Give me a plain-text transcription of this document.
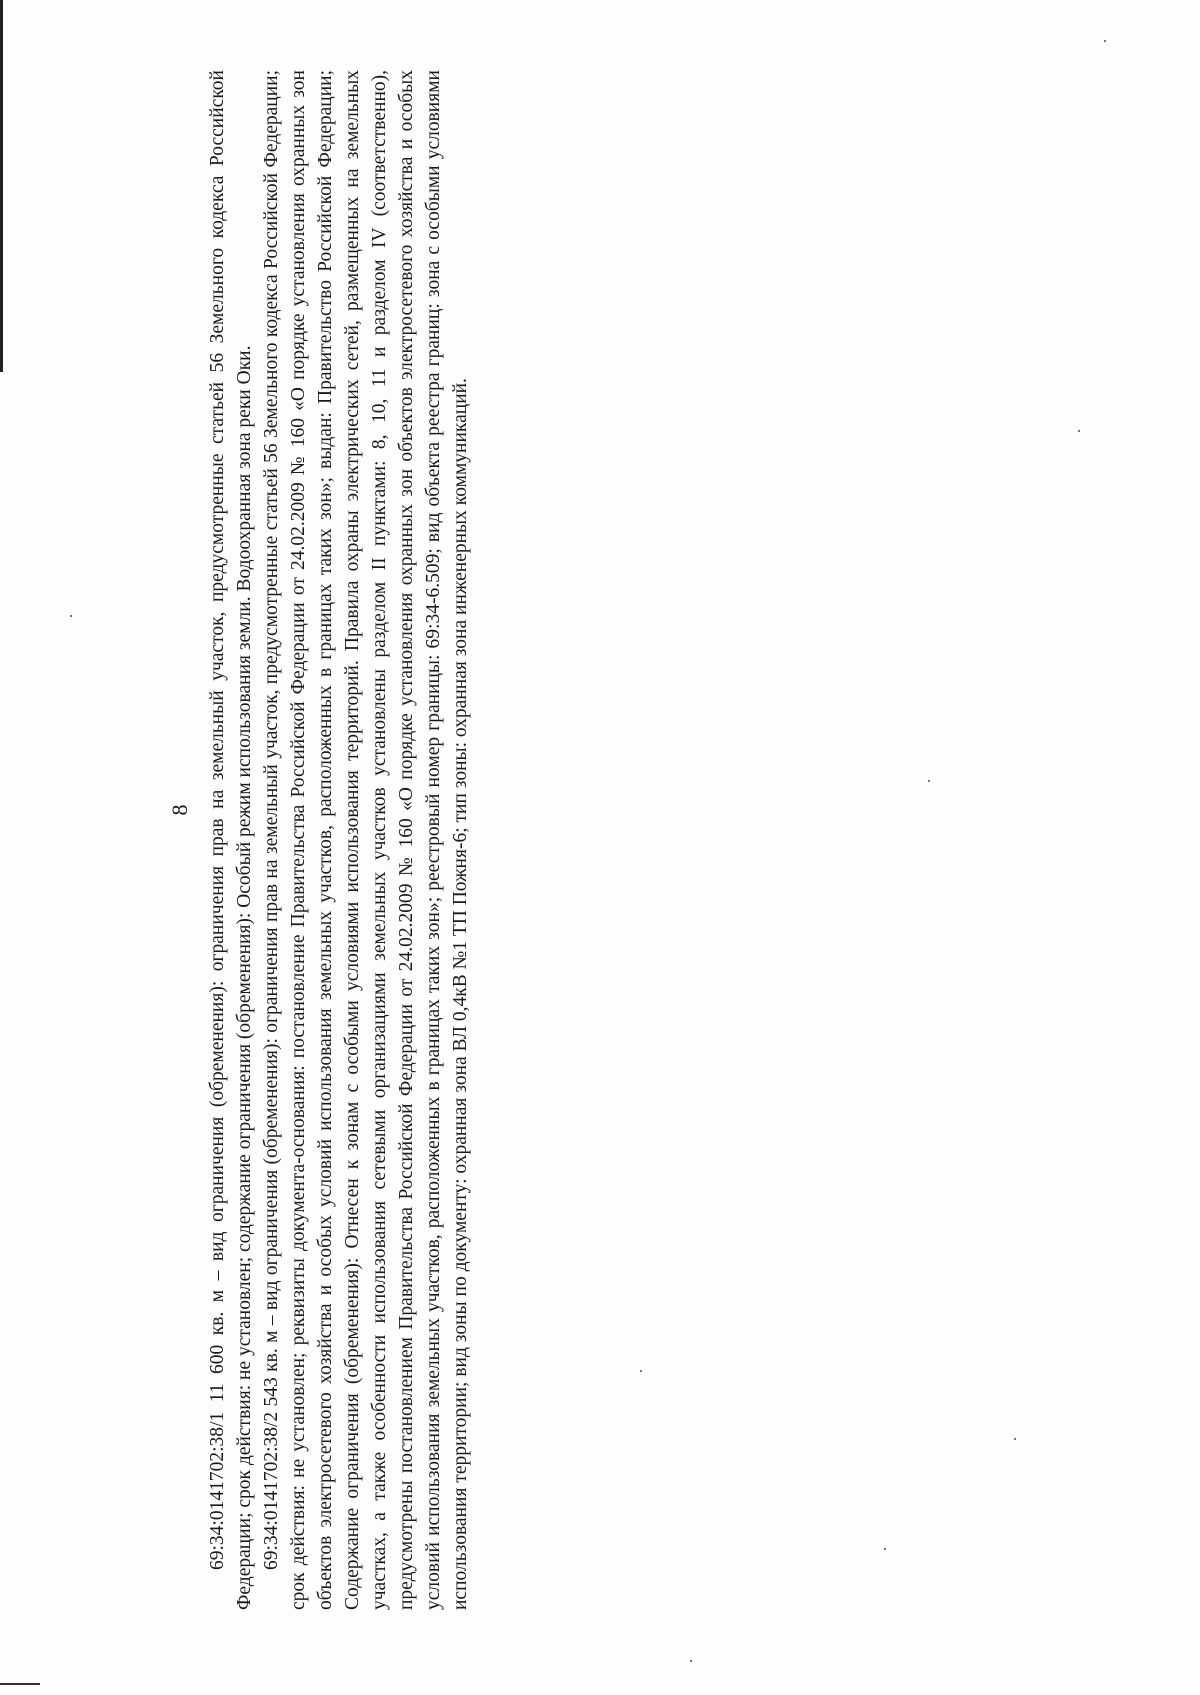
8 69:34:0141702:38/1 11 600 кв. м – вид ограничения (обременения): ограничения прав на земельный участок, предусмотренные статьей 56 Земельного кодекса Российской Федерации; срок действия: не установлен; содержание ограничения (обременения): Особый режим использования земли. Водоохранная зона реки Оки. 69:34:0141702:38/2 543 кв. м – вид ограничения (обременения): ограничения прав на земельный участок, предусмотренные статьей 56 Земельного кодекса Российской Федерации; срок действия: не установлен; реквизиты документа-основания: постановление Правительства Российской Федерации от 24.02.2009 № 160 «О порядке установления охранных зон объектов электросетевого хозяйства и особых условий использования земельных участков, расположенных в границах таких зон»; выдан: Правительство Российской Федерации; Содержание ограничения (обременения): Отнесен к зонам с особыми условиями использования территорий. Правила охраны электрических сетей, размещенных на земельных участках, а также особенности использования сетевыми организациями земельных участков установлены разделом II пунктами: 8, 10, 11 и разделом IV (соответственно), предусмотрены постановлением Правительства Российской Федерации от 24.02.2009 № 160 «О порядке установления охранных зон объектов электросетевого хозяйства и особых условий использования земельных участков, расположенных в границах таких зон»; реестровый номер границы: 69:34-6.509; вид объекта реестра границ: зона с особыми условиями использования территории; вид зоны по документу: охранная зона ВЛ 0,4кВ №1 ТП Пожня-6; тип зоны: охранная зона инженерных коммуникаций.
